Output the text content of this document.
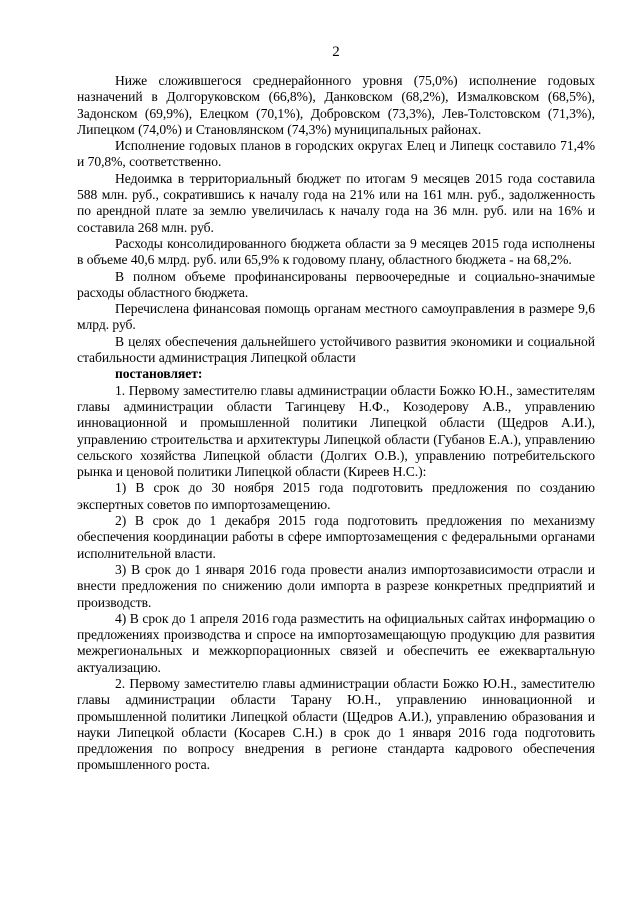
2

Ниже сложившегося среднерайонного уровня (75,0%) исполнение годовых назначений в Долгоруковском (66,8%), Данковском (68,2%), Измалковском (68,5%), Задонском (69,9%), Елецком (70,1%), Добровском (73,3%), Лев-Толстовском (71,3%), Липецком (74,0%) и Становлянском (74,3%) муниципальных районах.

Исполнение годовых планов в городских округах Елец и Липецк составило 71,4% и 70,8%, соответственно.

Недоимка в территориальный бюджет по итогам 9 месяцев 2015 года составила 588 млн. руб., сократившись к началу года на 21% или на 161 млн. руб., задолженность по арендной плате за землю увеличилась к началу года на 36 млн. руб. или на 16% и составила 268 млн. руб.

Расходы консолидированного бюджета области за 9 месяцев 2015 года исполнены в объеме 40,6 млрд. руб. или 65,9% к годовому плану, областного бюджета - на 68,2%.

В полном объеме профинансированы первоочередные и социально-значимые расходы областного бюджета.

Перечислена финансовая помощь органам местного самоуправления в размере 9,6 млрд. руб.

В целях обеспечения дальнейшего устойчивого развития экономики и социальной стабильности администрация Липецкой области

постановляет:

1. Первому заместителю главы администрации области Божко Ю.Н., заместителям главы администрации области Тагинцеву Н.Ф., Козодерову А.В., управлению инновационной и промышленной политики Липецкой области (Щедров А.И.), управлению строительства и архитектуры Липецкой области (Губанов Е.А.), управлению сельского хозяйства Липецкой области (Долгих О.В.), управлению потребительского рынка и ценовой политики Липецкой области (Киреев Н.С.):

1) В срок до 30 ноября 2015 года подготовить предложения по созданию экспертных советов по импортозамещению.

2) В срок до 1 декабря 2015 года подготовить предложения по механизму обеспечения координации работы в сфере импортозамещения с федеральными органами исполнительной власти.

3) В срок до 1 января 2016 года провести анализ импортозависимости отрасли и внести предложения по снижению доли импорта в разрезе конкретных предприятий и производств.

4) В срок до 1 апреля 2016 года разместить на официальных сайтах информацию о предложениях производства и спросе на импортозамещающую продукцию для развития межрегиональных и межкорпорационных связей и обеспечить ее ежеквартальную актуализацию.

2. Первому заместителю главы администрации области Божко Ю.Н., заместителю главы администрации области Тарану Ю.Н., управлению инновационной и промышленной политики Липецкой области (Щедров А.И.), управлению образования и науки Липецкой области (Косарев С.Н.) в срок до 1 января 2016 года подготовить предложения по вопросу внедрения в регионе стандарта кадрового обеспечения промышленного роста.
